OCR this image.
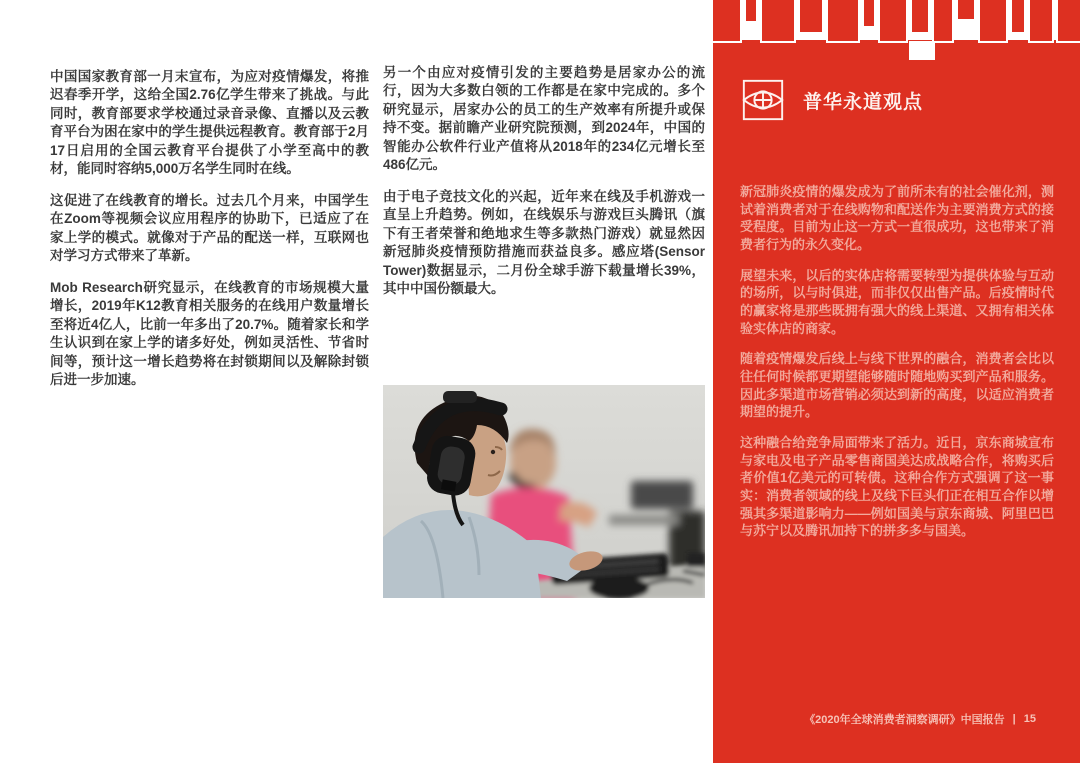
中国国家教育部一月末宣布，为应对疫情爆发，将推迟春季开学，这给全国2.76亿学生带来了挑战。与此同时，教育部要求学校通过录音录像、直播以及云教育平台为困在家中的学生提供远程教育。教育部于2月17日启用的全国云教育平台提供了小学至高中的教材，能同时容纳5,000万名学生同时在线。

这促进了在线教育的增长。过去几个月来，中国学生在Zoom等视频会议应用程序的协助下，已适应了在家上学的模式。就像对于产品的配送一样，互联网也对学习方式带来了革新。

Mob Research研究显示，在线教育的市场规模大量增长，2019年K12教育相关服务的在线用户数量增长至将近4亿人，比前一年多出了20.7%。随着家长和学生认识到在家上学的诸多好处，例如灵活性、节省时间等，预计这一增长趋势将在封锁期间以及解除封锁后进一步加速。

另一个由应对疫情引发的主要趋势是居家办公的流行，因为大多数白领的工作都是在家中完成的。多个研究显示，居家办公的员工的生产效率有所提升或保持不变。据前瞻产业研究院预测，到2024年，中国的智能办公软件行业产值将从2018年的234亿元增长至486亿元。

由于电子竞技文化的兴起，近年来在线及手机游戏一直呈上升趋势。例如，在线娱乐与游戏巨头腾讯（旗下有王者荣誉和绝地求生等多款热门游戏）就显然因新冠肺炎疫情预防措施而获益良多。感应塔(Sensor Tower)数据显示，二月份全球手游下载量增长39%，其中中国份额最大。

普华永道观点

新冠肺炎疫情的爆发成为了前所未有的社会催化剂，测试着消费者对于在线购物和配送作为主要消费方式的接受程度。目前为止这一方式一直很成功，这也带来了消费者行为的永久变化。

展望未来，以后的实体店将需要转型为提供体验与互动的场所，以与时俱进，而非仅仅出售产品。后疫情时代的赢家将是那些既拥有强大的线上渠道、又拥有相关体验实体店的商家。

随着疫情爆发后线上与线下世界的融合，消费者会比以往任何时候都更期望能够随时随地购买到产品和服务。因此多渠道市场营销必须达到新的高度，以适应消费者期望的提升。

这种融合给竞争局面带来了活力。近日，京东商城宣布与家电及电子产品零售商国美达成战略合作，将购买后者价值1亿美元的可转债。这种合作方式强调了这一事实：消费者领域的线上及线下巨头们正在相互合作以增强其多渠道影响力——例如国美与京东商城、阿里巴巴与苏宁以及腾讯加持下的拼多多与国美。

《2020年全球消费者洞察调研》中国报告 | 15
